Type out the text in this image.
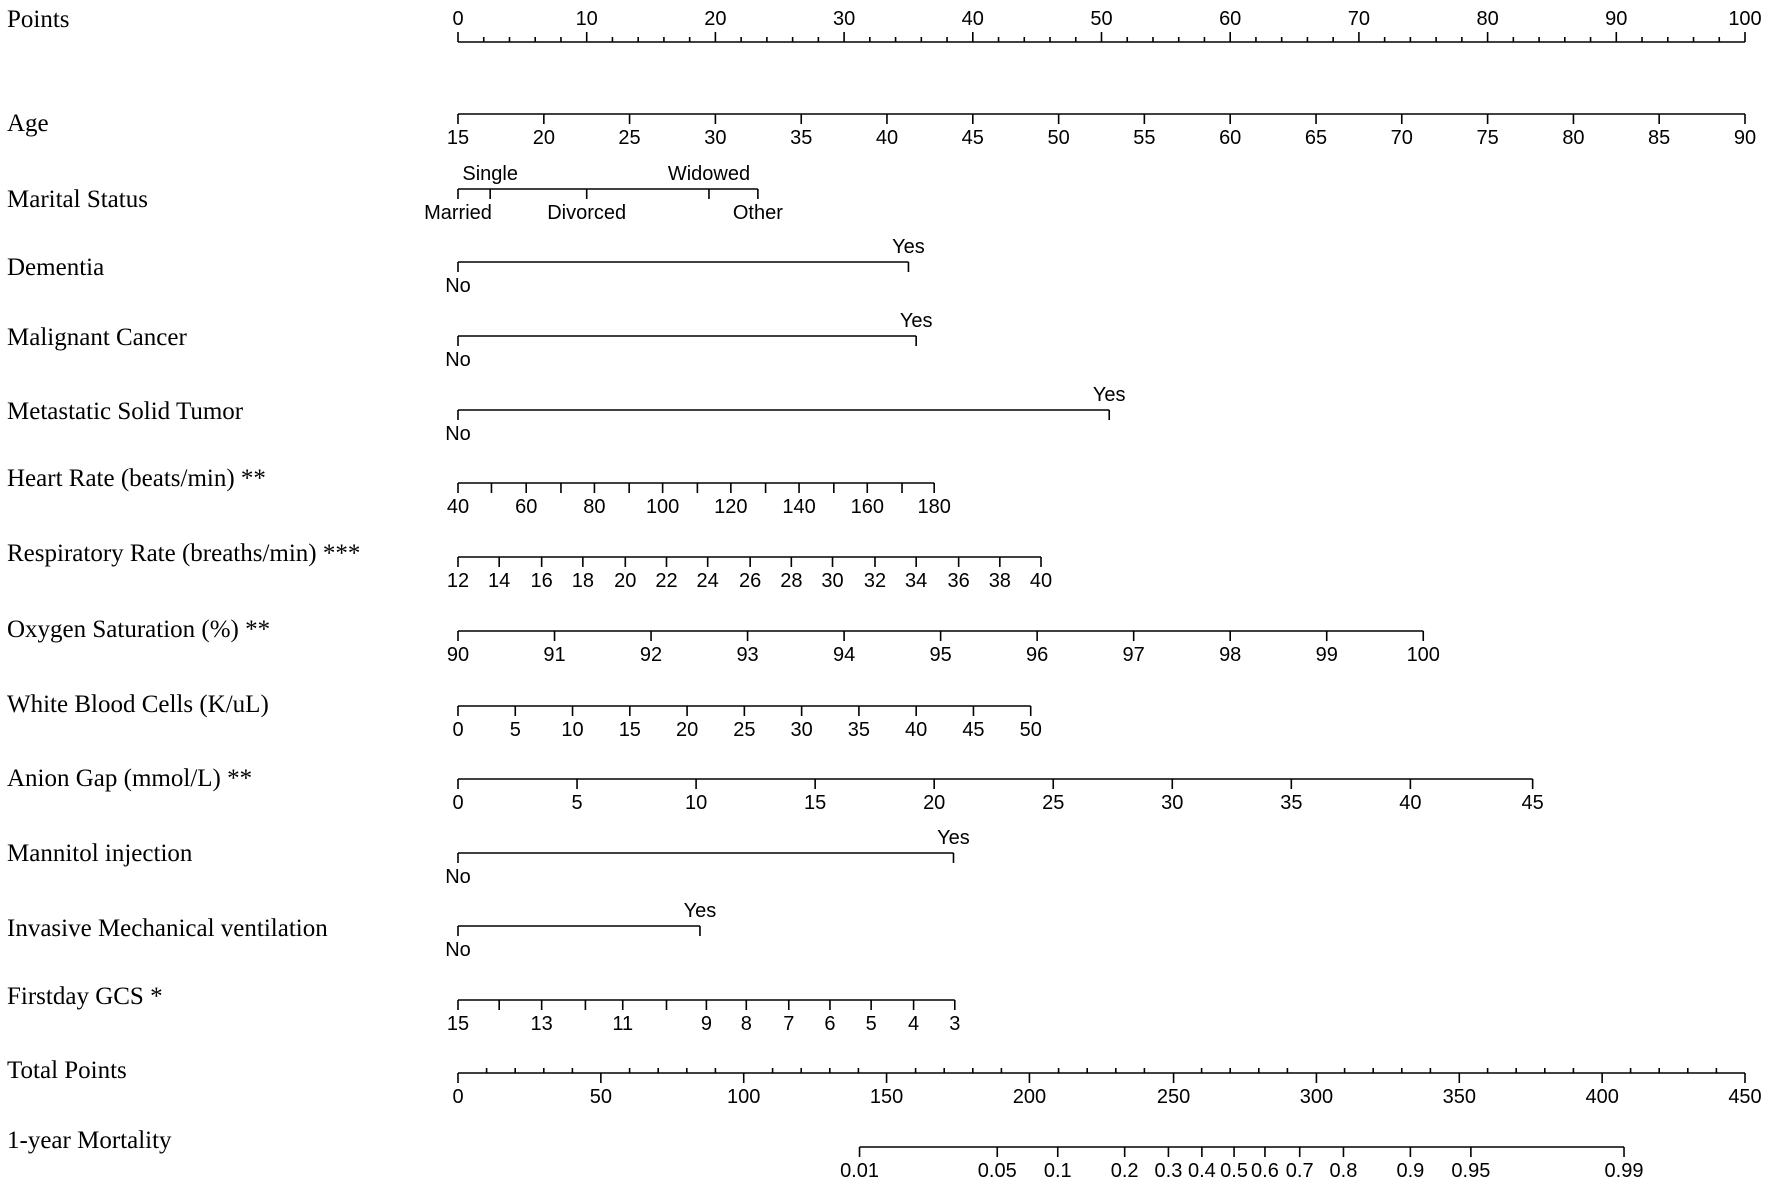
Points	0	10	20	30	40	50	60	70	80	90	100
Age
15	20	25	30	35	40	45	50	55	60	65	70	75	80	85	90
Marital Status	Married
Single
Divorced
Widowed
Other
Dementia
No
Yes
Malignant Cancer
No
Yes
Metastatic Solid Tumor
No
Yes
Heart Rate (beats/min) **
40 60 80 100 120 140 160 180
Respiratory Rate (breaths/min) ***
12 14 16 18 20 22 24 26 28 30 32 34 36 38 40
Oxygen Saturation (%) **
90	91	92	93	94	95	96	97	98	99	100
White Blood Cells (K/uL)
0 5 10 15 20 25 30 35 40 45 50
Anion Gap (mmol/L) **
0	5	10	15	20	25	30	35	40	45
Mannitol injection
No
Yes
Invasive Mechanical ventilation
No
Yes
Firstday GCS *
15	13	11	9 8 7 6 5 4 3
Total Points
0	50	100	150	200	250	300	350	400	450
1-year Mortality
0.01	0.05 0.1 0.2 0.3 0.4 0.5 0.6 0.7 0.8 0.9 0.95	0.99
